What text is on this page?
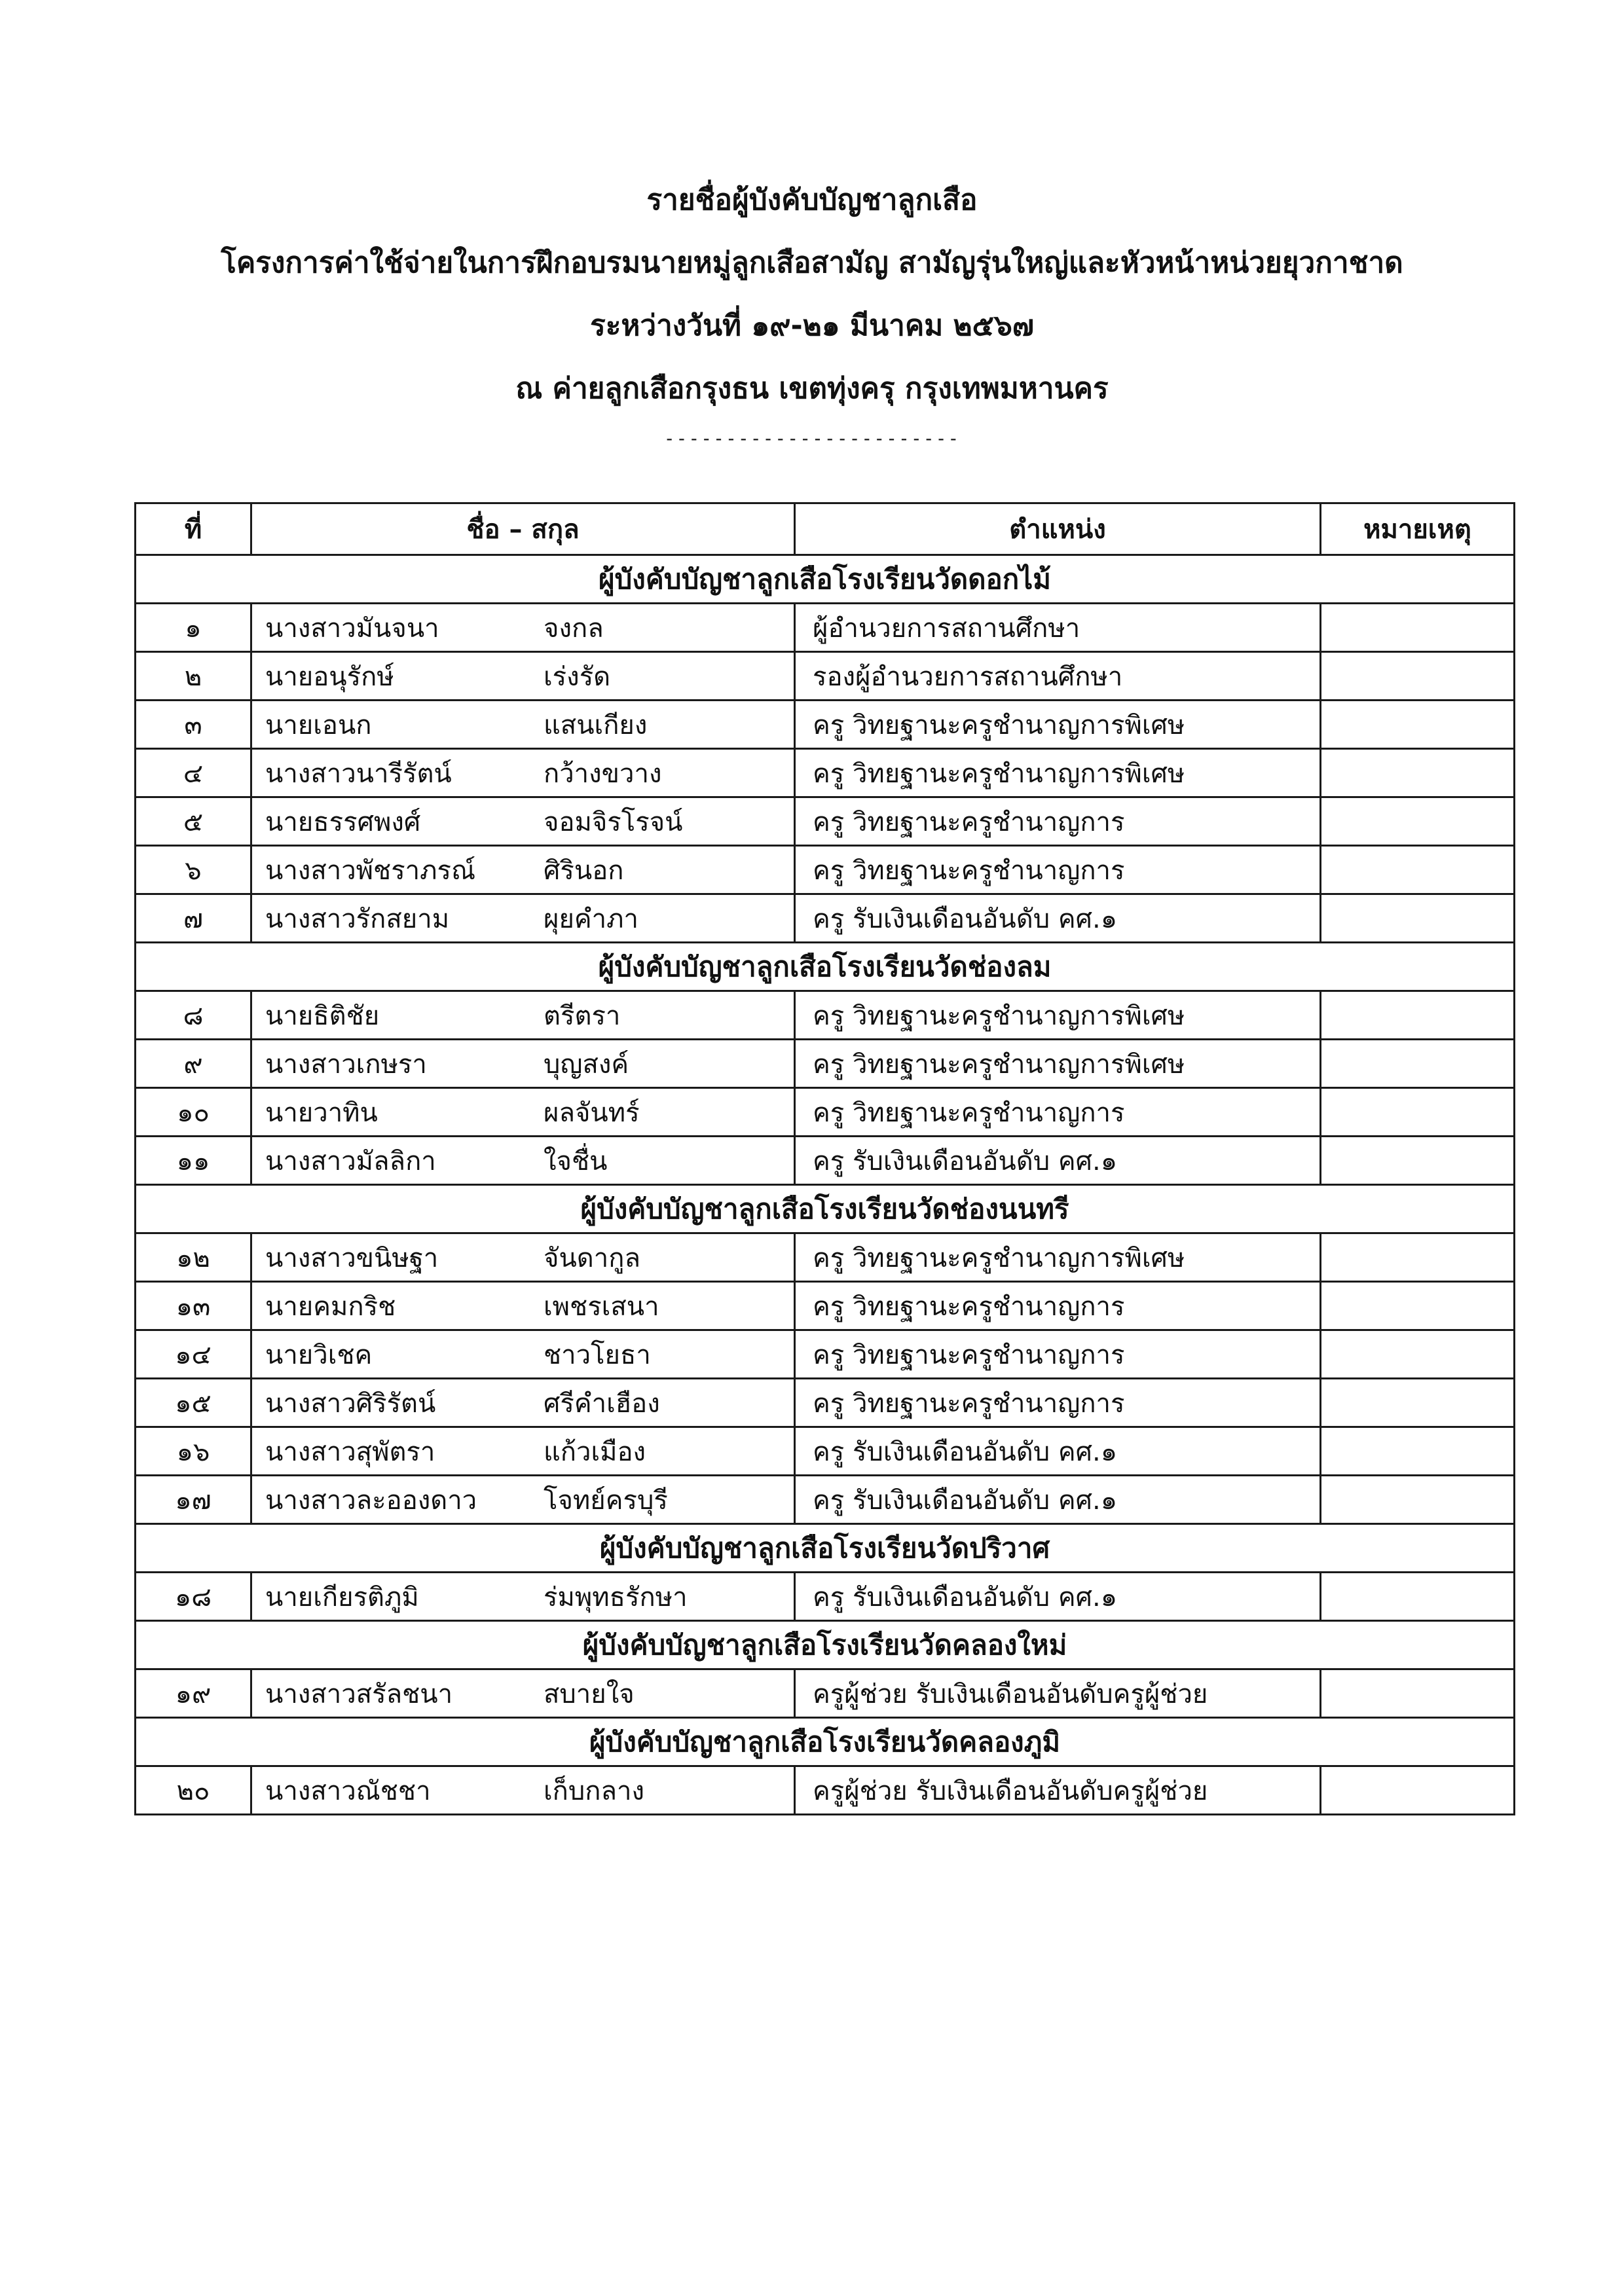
รายชื่อผู้บังคับบัญชาลูกเสือ
โครงการค่าใช้จ่ายในการฝึกอบรมนายหมู่ลูกเสือสามัญ สามัญรุ่นใหญ่และหัวหน้าหน่วยยุวกาชาด
ระหว่างวันที่ ๑๙-๒๑ มีนาคม ๒๕๖๗
ณ ค่ายลูกเสือกรุงธน เขตทุ่งครุ กรุงเทพมหานคร
------------------------
ที่	ชื่อ – สกุล	ตำแหน่ง	หมายเหตุ
ผู้บังคับบัญชาลูกเสือโรงเรียนวัดดอกไม้			
๑	นางสาวมันจนา จงกล	ผู้อำนวยการสถานศึกษา	
๒	นายอนุรักษ์ เร่งรัด	รองผู้อำนวยการสถานศึกษา	
๓	นายเอนก แสนเกียง	ครู วิทยฐานะครูชำนาญการพิเศษ	
๔	นางสาวนารีรัตน์ กว้างขวาง	ครู วิทยฐานะครูชำนาญการพิเศษ	
๕	นายธรรศพงศ์ จอมจิรโรจน์	ครู วิทยฐานะครูชำนาญการ	
๖	นางสาวพัชราภรณ์ ศิรินอก	ครู วิทยฐานะครูชำนาญการ	
๗	นางสาวรักสยาม ผุยคำภา	ครู รับเงินเดือนอันดับ คศ.๑	
ผู้บังคับบัญชาลูกเสือโรงเรียนวัดช่องลม			
๘	นายธิติชัย ตรีตรา	ครู วิทยฐานะครูชำนาญการพิเศษ	
๙	นางสาวเกษรา บุญสงค์	ครู วิทยฐานะครูชำนาญการพิเศษ	
๑๐	นายวาทิน ผลจันทร์	ครู วิทยฐานะครูชำนาญการ	
๑๑	นางสาวมัลลิกา ใจชื่น	ครู รับเงินเดือนอันดับ คศ.๑	
ผู้บังคับบัญชาลูกเสือโรงเรียนวัดช่องนนทรี			
๑๒	นางสาวขนิษฐา จันดากูล	ครู วิทยฐานะครูชำนาญการพิเศษ	
๑๓	นายคมกริช เพชรเสนา	ครู วิทยฐานะครูชำนาญการ	
๑๔	นายวิเชค ชาวโยธา	ครู วิทยฐานะครูชำนาญการ	
๑๕	นางสาวศิริรัตน์ ศรีคำเฮือง	ครู วิทยฐานะครูชำนาญการ	
๑๖	นางสาวสุพัตรา แก้วเมือง	ครู รับเงินเดือนอันดับ คศ.๑	
๑๗	นางสาวละอองดาว โจทย์ครบุรี	ครู รับเงินเดือนอันดับ คศ.๑	
ผู้บังคับบัญชาลูกเสือโรงเรียนวัดปริวาศ			
๑๘	นายเกียรติภูมิ ร่มพุทธรักษา	ครู รับเงินเดือนอันดับ คศ.๑	
ผู้บังคับบัญชาลูกเสือโรงเรียนวัดคลองใหม่			
๑๙	นางสาวสรัลชนา สบายใจ	ครูผู้ช่วย รับเงินเดือนอันดับครูผู้ช่วย	
ผู้บังคับบัญชาลูกเสือโรงเรียนวัดคลองภูมิ			
๒๐	นางสาวณัชชา เก็บกลาง	ครูผู้ช่วย รับเงินเดือนอันดับครูผู้ช่วย	
